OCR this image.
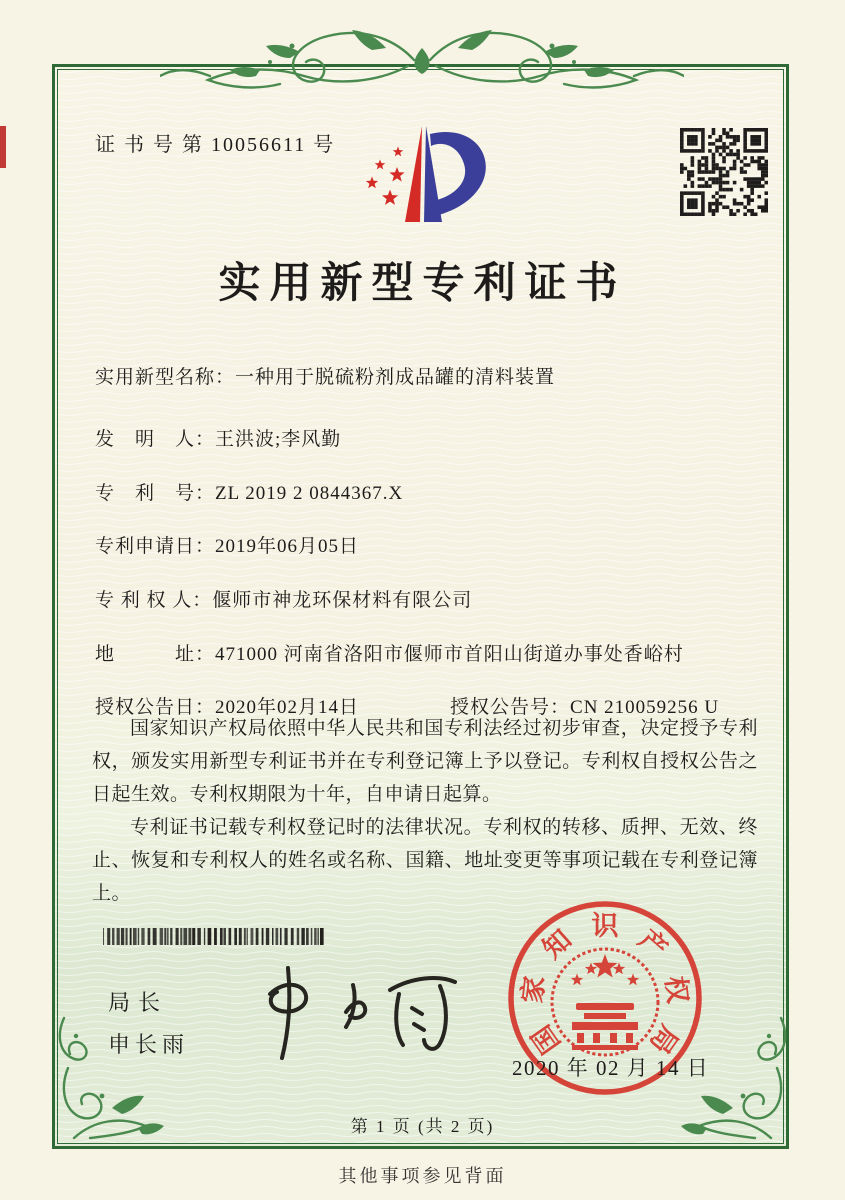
证 书 号 第 10056611 号
实用新型专利证书
实用新型名称：一种用于脱硫粉剂成品罐的清料装置
发　明　人：王洪波;李风勤
专　利　号：ZL 2019 2 0844367.X
专利申请日：2019年06月05日
专 利 权 人：偃师市神龙环保材料有限公司
地　　　址：471000 河南省洛阳市偃师市首阳山街道办事处香峪村
授权公告日：2020年02月14日	授权公告号：CN 210059256 U

国家知识产权局依照中华人民共和国专利法经过初步审查，决定授予专利权，颁发实用新型专利证书并在专利登记簿上予以登记。专利权自授权公告之日起生效。专利权期限为十年，自申请日起算。

专利证书记载专利权登记时的法律状况。专利权的转移、质押、无效、终止、恢复和专利权人的姓名或名称、国籍、地址变更等事项记载在专利登记簿上。

局长
申长雨	国
家
知 识 产
权
局
2020 年 02 月 14 日
第 1 页 (共 2 页)
其他事项参见背面
